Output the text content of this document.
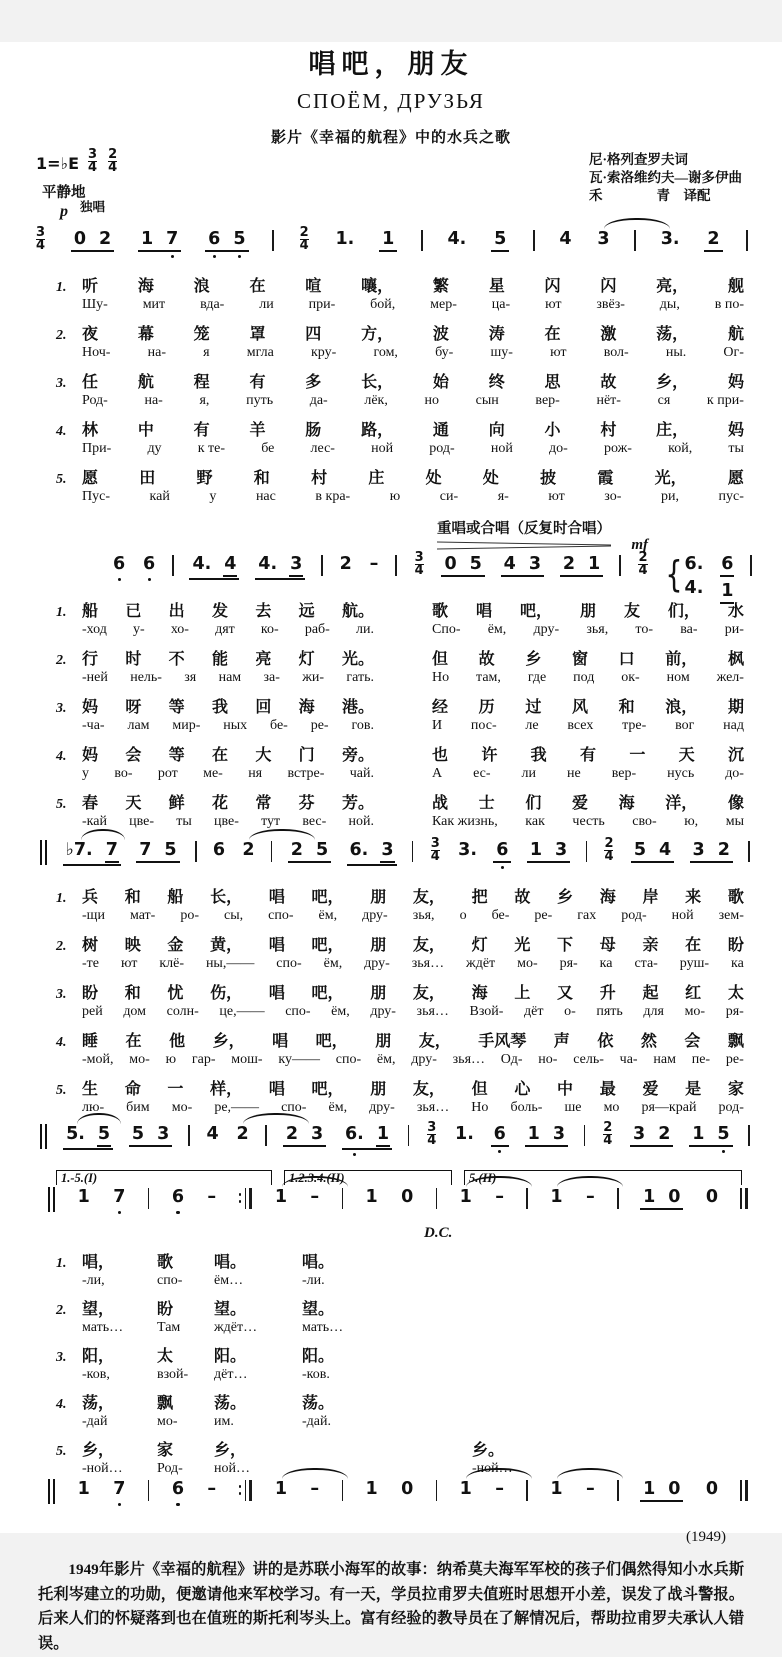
唱吧，朋友
СПОЁМ, ДРУЗЬЯ
影片《幸福的航程》中的水兵之歌
1=♭E 3
4
2
4
平静地
p 独唱
尼·格列查罗夫词
瓦·索洛维约夫—谢多伊曲
禾　　　　青　译配
3
4 0 2 1 7 6 5	2
4 1. 1	4. 5	4 3	3. 2
1. 听 海 浪 在 喧 嚷， 繁 星 闪 闪 亮， 舰
Шу- мит вда- ли при- бой, мер- ца- ют звёз- ды, в по-
2. 夜 幕 笼 罩 四 方， 波 涛 在 激 荡， 航
Ноч-	на-	я	мгла	кру-	гом,	бу-	шу-	ют	вол-	ны.	Ог-
3. 任 航 程 有 多 长， 始 终 思 故 乡， 妈
Род-	на-	я,	путь	да-	лёк,	но	сын	вер-	нёт-	ся	к при-
4. 林 中 有 羊 肠 路， 通 向 小 村 庄， 妈
При-	ду	к те-	бе	лес-	ной	род-	ной	до-	рож-	кой,	ты
5. 愿	田	野	和	村	庄	处	处	披	霞	光，	愿
Пус-	кай	у	нас	в кра-	ю	си-	я-	ют	зо-	ри,	пус-
重唱或合唱（反复时合唱）
mf
6 6 4. 4 4. 3 2 –	3
4 0 5 4 3 2 1	2
4 { 6.
4.
6
1
1. 船 已 出 发 去 远 航。	歌 唱 吧， 朋 友 们， 水
-ход у- хо- дят ко- раб- ли.	Спо- ём, дру- зья, то- ва- ри-
2. 行 时 不 能 亮 灯 光。	但 故 乡 窗 口 前， 枫
-ней нель- зя нам за- жи- гать.	Но там, где под ок- ном жел-
3. 妈 呀 等 我 回 海 港。	经 历 过 风 和 浪， 期
-ча- лам мир- ных бе- ре- гов.	И пос- ле всех тре- вог над
4. 妈 会 等 在 大 门 旁。	也 许 我 有 一 天 沉
у во- рот ме- ня встре- чай.	А ес- ли не вер- нусь до-
5. 春 天 鲜 花 常 芬 芳。	战 士 们 爱 海 洋， 像
-кай цве- ты цве- тут вес- ной.	Как жизнь, как честь сво- ю, мы
♭7. 7 7 5 6 2 2 5 6. 3	3
4 3. 6 1 3	2
4 5 4 3 2
1. 兵 和 船 长， 唱 吧， 朋 友， 把 故 乡 海 岸 来 歌
-щи мат- ро- сы, спо- ём, дру- зья, о бе- ре- гах род- ной зем-
2. 树 映 金 黄， 唱 吧， 朋 友， 灯 光 下 母 亲 在 盼
-те ют клё- ны,—— спо- ём, дру- зья… ждёт мо- ря- ка ста- руш- ка
3. 盼 和 忧 伤， 唱 吧， 朋 友， 海 上 又 升 起 红 太
рей дом солн- це,—— спо- ём, дру- зья… Взой- дёт о- пять для мо- ря-
4. 睡 在 他 乡， 唱 吧， 朋 友， 手风琴 声 依 然 会 飘
-мой, мо- ю гар- мош- ку—— спо- ём, дру- зья… Од- но- сель- ча- нам пе- ре-
5. 生 命 一 样， 唱 吧， 朋 友， 但 心 中 最 爱 是 家
лю- бим мо- ре,—— спо- ём, дру- зья… Но боль- ше мо ря—край род-
5. 5 5 3 4 2 2 3 6. 1	3
4 1. 6 1 3	2
4 3 2 1 5
1.-5.(I)	1.2.3.4.(II)	5.(II)
1 7	6 –	1 –	1 0	1 –	1 –	1 0 0
D.C.
1. 唱，	歌	唱。	唱。
-ли,	спо-	ём…	-ли.
2. 望，	盼	望。	望。
мать…	Там	ждёт…	мать…
3. 阳，	太	阳。	阳。
-ков,	взой-	дёт…	-ков.
4. 荡，	飘	荡。	荡。
-дай	мо-	им.	-дай.
5. 乡，	家	乡，	乡。
-ной…	Род-	ной…	-ной…
1 7	6 –	1 –	1 0	1 –	1 –	1 0 0
(1949)
1949年影片《幸福的航程》讲的是苏联小海军的故事：纳希莫夫海军军校的孩子们偶然得知小水兵斯托利岑建立的功勋，便邀请他来军校学习。有一天，学员拉甫罗夫值班时思想开小差，误发了战斗警报。后来人们的怀疑落到也在值班的斯托利岑头上。富有经验的教导员在了解情况后，帮助拉甫罗夫承认人错误。
